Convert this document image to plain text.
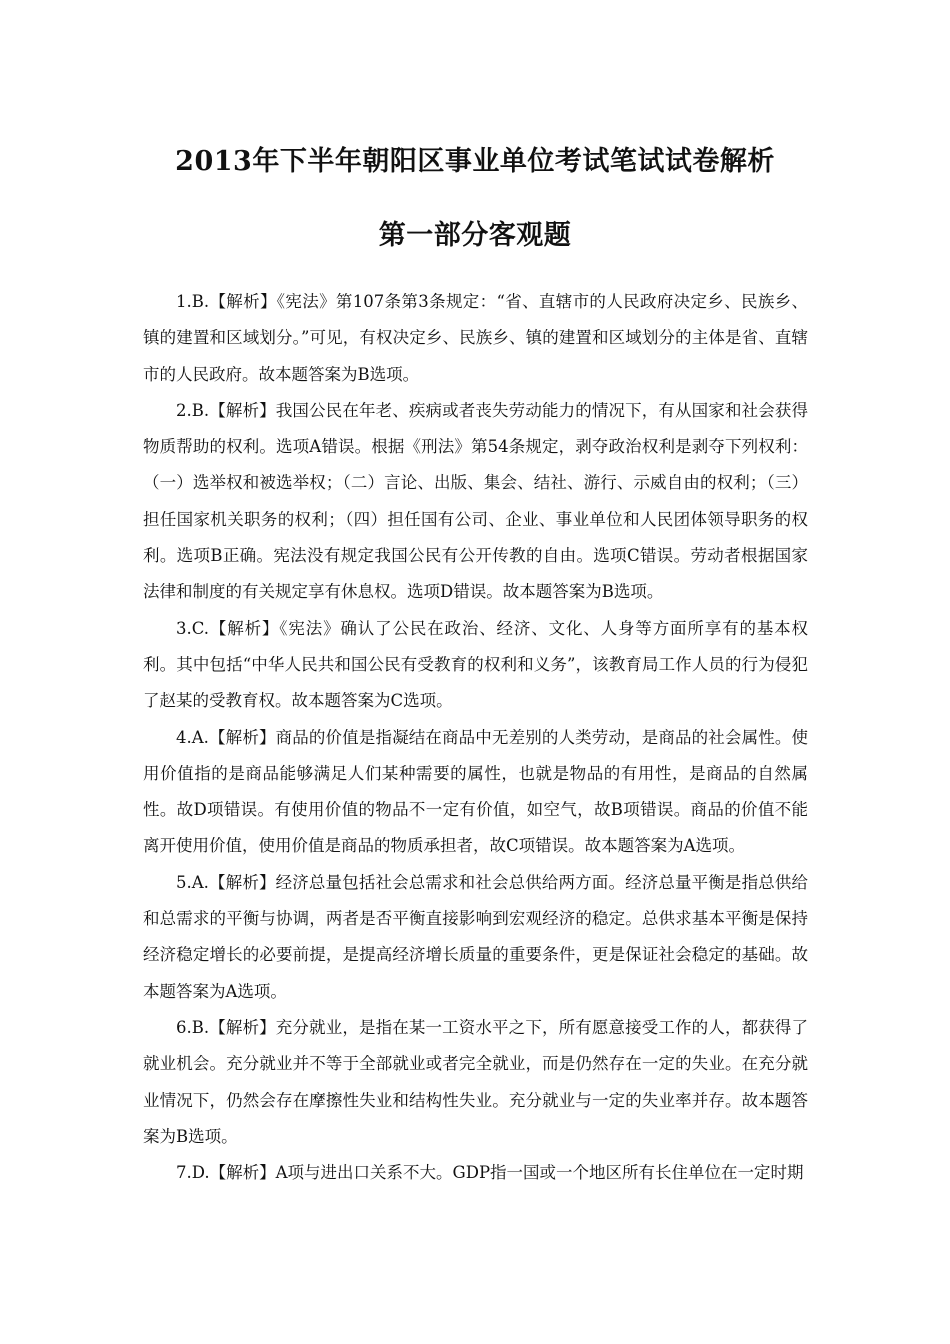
2013年下半年朝阳区事业单位考试笔试试卷解析
第一部分客观题

1.B.【解析】《宪法》第107条第3条规定：“省、直辖市的人民政府决定乡、民族乡、镇的建置和区域划分。”可见，有权决定乡、民族乡、镇的建置和区域划分的主体是省、直辖市的人民政府。故本题答案为B选项。

2.B.【解析】我国公民在年老、疾病或者丧失劳动能力的情况下，有从国家和社会获得物质帮助的权利。选项A错误。根据《刑法》第54条规定，剥夺政治权利是剥夺下列权利：（一）选举权和被选举权；（二）言论、出版、集会、结社、游行、示威自由的权利；（三）担任国家机关职务的权利；（四）担任国有公司、企业、事业单位和人民团体领导职务的权利。选项B正确。宪法没有规定我国公民有公开传教的自由。选项C错误。劳动者根据国家法律和制度的有关规定享有休息权。选项D错误。故本题答案为B选项。

3.C.【解析】《宪法》确认了公民在政治、经济、文化、人身等方面所享有的基本权利。其中包括“中华人民共和国公民有受教育的权利和义务”，该教育局工作人员的行为侵犯了赵某的受教育权。故本题答案为C选项。

4.A.【解析】商品的价值是指凝结在商品中无差别的人类劳动，是商品的社会属性。使用价值指的是商品能够满足人们某种需要的属性，也就是物品的有用性，是商品的自然属性。故D项错误。有使用价值的物品不一定有价值，如空气，故B项错误。商品的价值不能离开使用价值，使用价值是商品的物质承担者，故C项错误。故本题答案为A选项。

5.A.【解析】经济总量包括社会总需求和社会总供给两方面。经济总量平衡是指总供给和总需求的平衡与协调，两者是否平衡直接影响到宏观经济的稳定。总供求基本平衡是保持经济稳定增长的必要前提，是提高经济增长质量的重要条件，更是保证社会稳定的基础。故本题答案为A选项。

6.B.【解析】充分就业，是指在某一工资水平之下，所有愿意接受工作的人，都获得了就业机会。充分就业并不等于全部就业或者完全就业，而是仍然存在一定的失业。在充分就业情况下，仍然会存在摩擦性失业和结构性失业。充分就业与一定的失业率并存。故本题答案为B选项。

7.D.【解析】A项与进出口关系不大。GDP指一国或一个地区所有长住单位在一定时期
